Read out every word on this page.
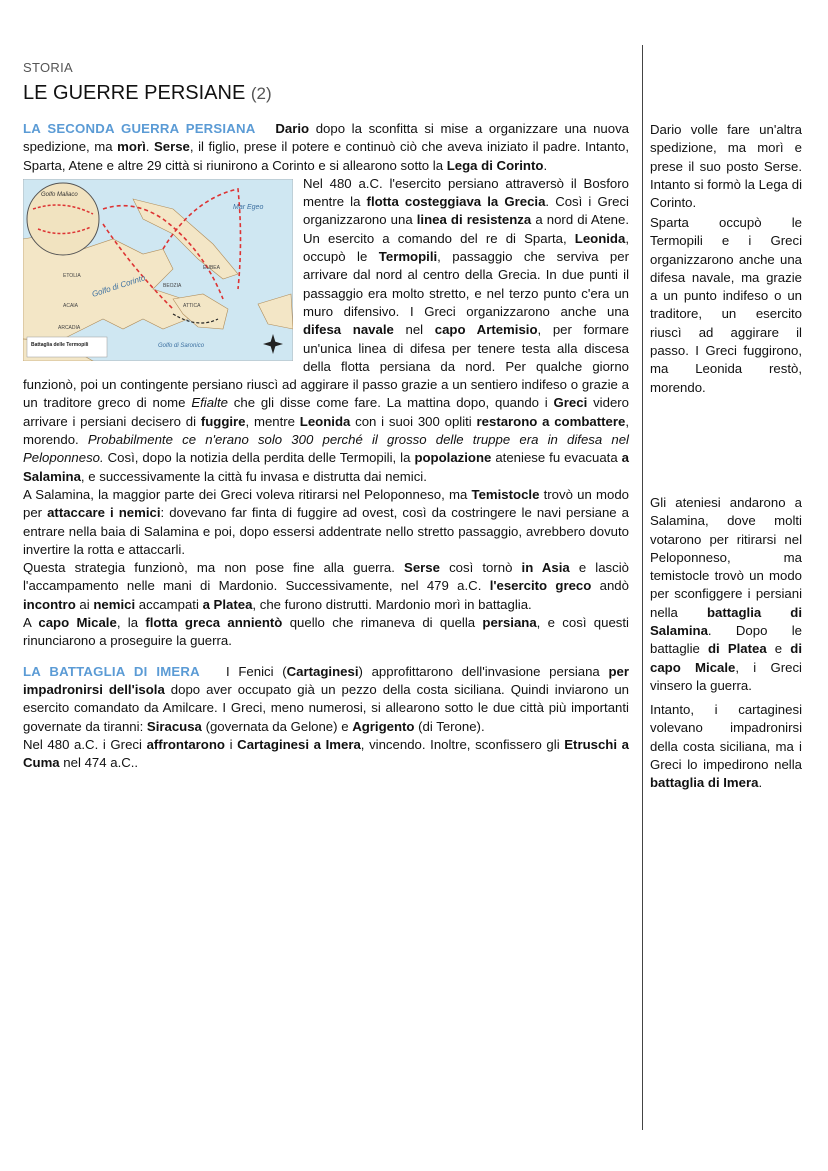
STORIA
LE GUERRE PERSIANE (2)

LA SECONDA GUERRA PERSIANA Dario dopo la sconfitta si mise a organizzare una nuova spedizione, ma morì. Serse, il figlio, prese il potere e continuò ciò che aveva iniziato il padre. Intanto, Sparta, Atene e altre 29 città si riunirono a Corinto e si allearono sotto la Lega di Corinto.

Golfo Maliaco
Mar Egeo
Golfo di Corinto
Golfo di Saronico
ETOLIA
EUBEA
ATTICA
ARCADIA
ACAIA
BEOZIA
Battaglia delle Termopili

Nel 480 a.C. l'esercito persiano attraversò il Bosforo mentre la flotta costeggiava la Grecia. Così i Greci organizzarono una linea di resistenza a nord di Atene. Un esercito a comando del re di Sparta, Leonida, occupò le Termopili, passaggio che serviva per arrivare dal nord al centro della Grecia. In due punti il passaggio era molto stretto, e nel terzo punto c'era un muro difensivo. I Greci organizzarono anche una difesa navale nel capo Artemisio, per formare un'unica linea di difesa per tenere testa alla discesa della flotta persiana da nord. Per qualche giorno funzionò, poi un contingente persiano riuscì ad aggirare il passo grazie a un sentiero indifeso o grazie a un traditore greco di nome Efialte che gli disse come fare. La mattina dopo, quando i Greci videro arrivare i persiani decisero di fuggire, mentre Leonida con i suoi 300 opliti restarono a combattere, morendo. Probabilmente ce n'erano solo 300 perché il grosso delle truppe era in difesa nel Peloponneso. Così, dopo la notizia della perdita delle Termopili, la popolazione ateniese fu evacuata a Salamina, e successivamente la città fu invasa e distrutta dai nemici.

A Salamina, la maggior parte dei Greci voleva ritirarsi nel Peloponneso, ma Temistocle trovò un modo per attaccare i nemici: dovevano far finta di fuggire ad ovest, così da costringere le navi persiane a entrare nella baia di Salamina e poi, dopo essersi addentrate nello stretto passaggio, avrebbero dovuto invertire la rotta e attaccarli.

Questa strategia funzionò, ma non pose fine alla guerra. Serse così tornò in Asia e lasciò l'accampamento nelle mani di Mardonio. Successivamente, nel 479 a.C. l'esercito greco andò incontro ai nemici accampati a Platea, che furono distrutti. Mardonio morì in battaglia.

A capo Micale, la flotta greca annientò quello che rimaneva di quella persiana, e così questi rinunciarono a proseguire la guerra.

LA BATTAGLIA DI IMERA   I Fenici (Cartaginesi) approfittarono dell'invasione persiana per impadronirsi dell'isola dopo aver occupato già un pezzo della costa siciliana. Quindi inviarono un esercito comandato da Amilcare. I Greci, meno numerosi, si allearono sotto le due città più importanti governate da tiranni: Siracusa (governata da Gelone) e Agrigento (di Terone).

Nel 480 a.C. i Greci affrontarono i Cartaginesi a Imera, vincendo. Inoltre, sconfissero gli Etruschi a Cuma nel 474 a.C..

Dario volle fare un'altra spedizione, ma morì e prese il suo posto Serse. Intanto si formò la Lega di Corinto.

Sparta occupò le Termopili e i Greci organizzarono anche una difesa navale, ma grazie a un punto indifeso o un traditore, un esercito riuscì ad aggirare il passo. I Greci fuggirono, ma Leonida restò, morendo.

Gli ateniesi andarono a Salamina, dove molti votarono per ritirarsi nel Peloponneso, ma temistocle trovò un modo per sconfiggere i persiani nella battaglia di Salamina. Dopo le battaglie di Platea e di capo Micale, i Greci vinsero la guerra.

Intanto, i cartaginesi volevano impadronirsi della costa siciliana, ma i Greci lo impedirono nella battaglia di Imera.
